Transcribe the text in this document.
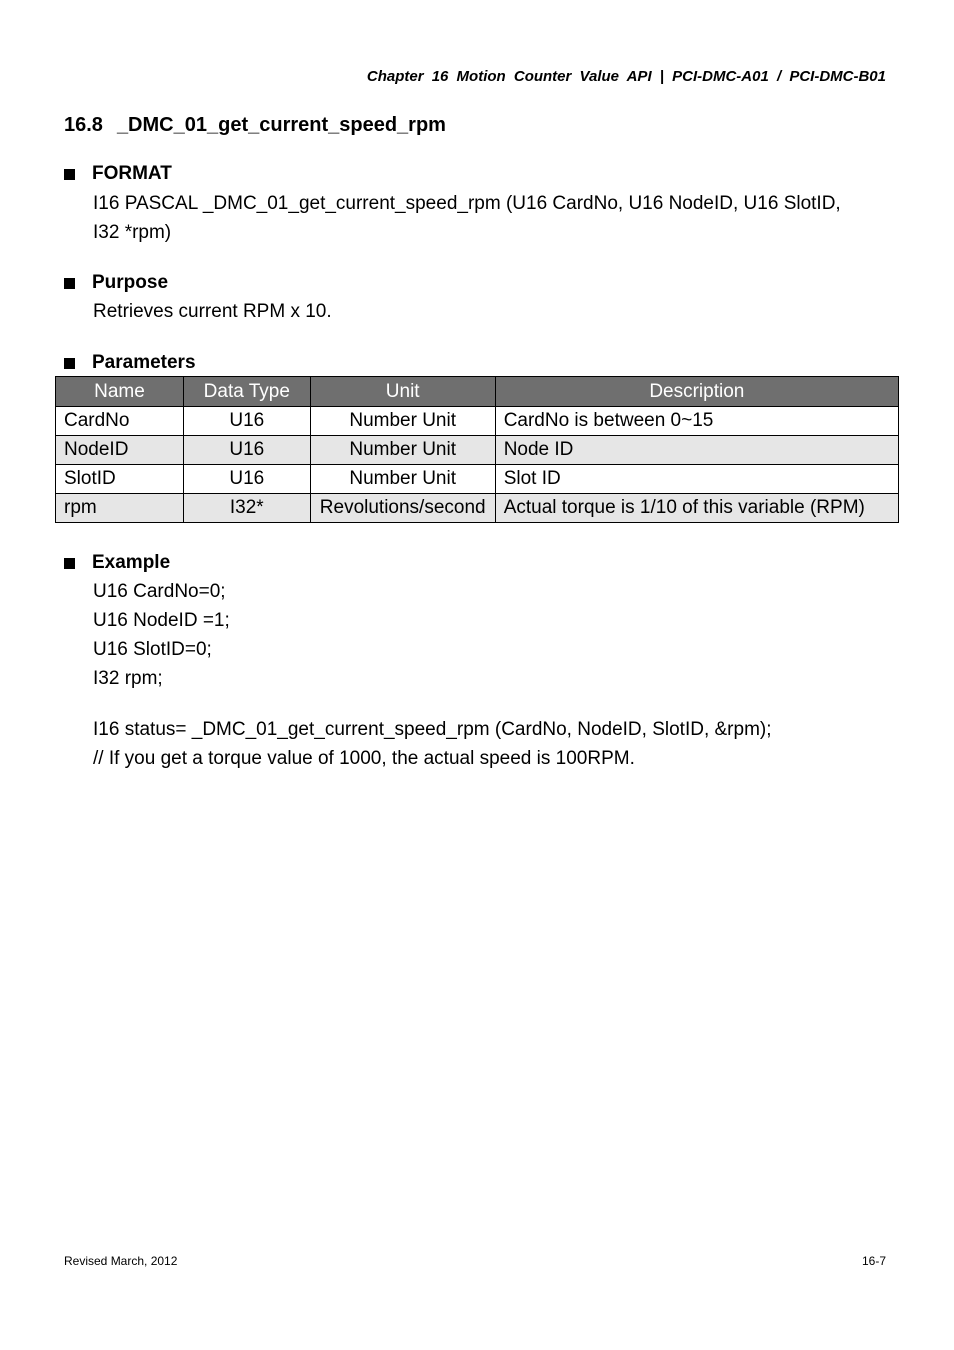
Chapter 16 Motion Counter Value API | PCI-DMC-A01 / PCI-DMC-B01
16.8 _DMC_01_get_current_speed_rpm
FORMAT
I16 PASCAL _DMC_01_get_current_speed_rpm (U16 CardNo, U16 NodeID, U16 SlotID,
I32 *rpm)
Purpose
Retrieves current RPM x 10.
Parameters
Name	Data Type	Unit	Description
CardNo	U16	Number Unit	CardNo is between 0~15
NodeID	U16	Number Unit	Node ID
SlotID	U16	Number Unit	Slot ID
rpm	I32*	Revolutions/second	Actual torque is 1/10 of this variable (RPM)
Example
U16 CardNo=0;
U16 NodeID =1;
U16 SlotID=0;
I32 rpm;
I16 status= _DMC_01_get_current_speed_rpm (CardNo, NodeID, SlotID, &rpm);
// If you get a torque value of 1000, the actual speed is 100RPM.
Revised March, 2012	16-7
